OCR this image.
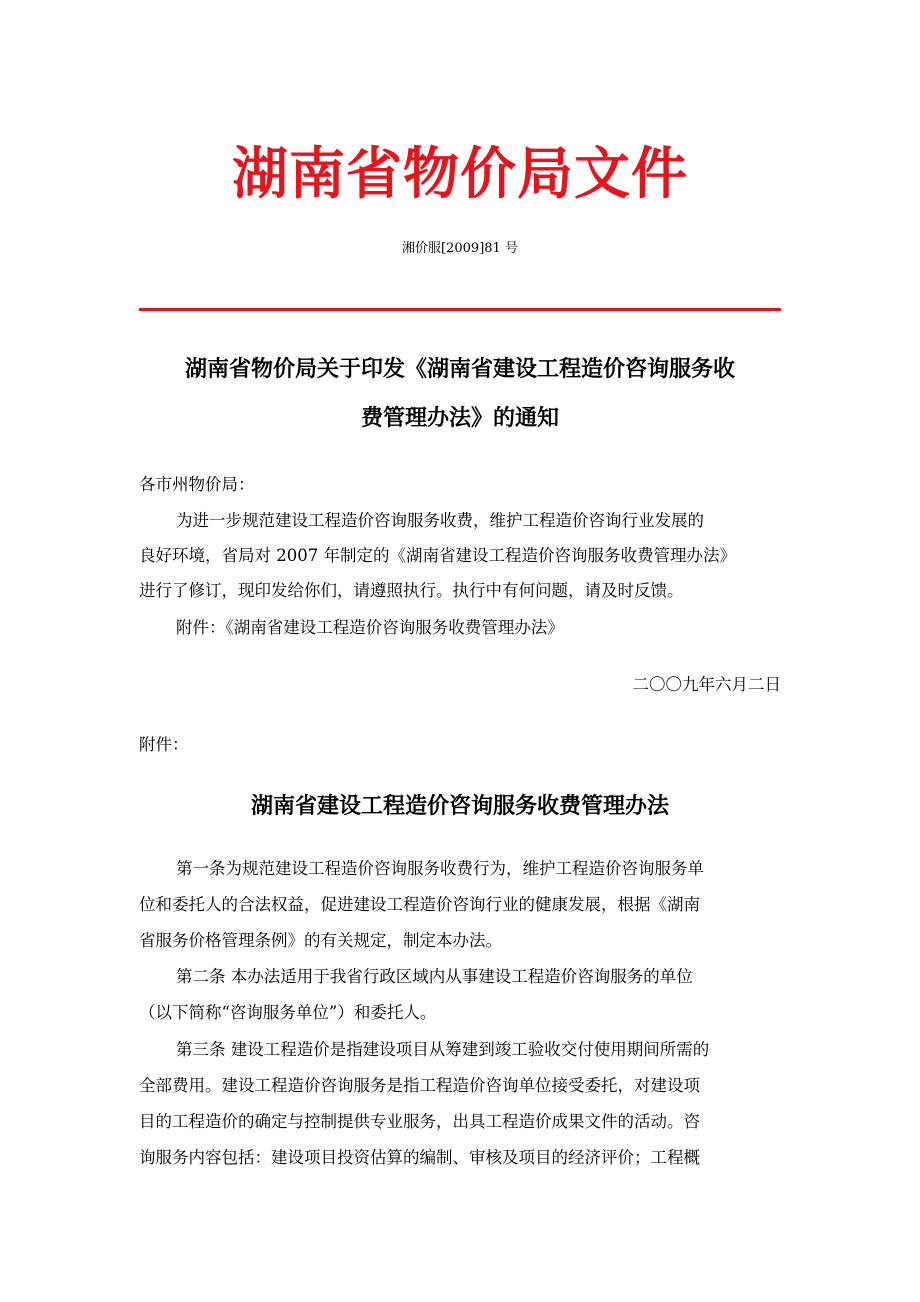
湖南省物价局文件
湘价服[2009]81 号
湖南省物价局关于印发《湖南省建设工程造价咨询服务收
费管理办法》的通知
各市州物价局：
为进一步规范建设工程造价咨询服务收费，维护工程造价咨询行业发展的
良好环境，省局对 2007 年制定的《湖南省建设工程造价咨询服务收费管理办法》
进行了修订，现印发给你们，请遵照执行。执行中有何问题，请及时反馈。
附件：《湖南省建设工程造价咨询服务收费管理办法》
二〇〇九年六月二日
附件：
湖南省建设工程造价咨询服务收费管理办法
第一条为规范建设工程造价咨询服务收费行为，维护工程造价咨询服务单
位和委托人的合法权益，促进建设工程造价咨询行业的健康发展，根据《湖南
省服务价格管理条例》的有关规定，制定本办法。
第二条 本办法适用于我省行政区域内从事建设工程造价咨询服务的单位
（以下简称“咨询服务单位”）和委托人。
第三条 建设工程造价是指建设项目从筹建到竣工验收交付使用期间所需的
全部费用。建设工程造价咨询服务是指工程造价咨询单位接受委托，对建设项
目的工程造价的确定与控制提供专业服务，出具工程造价成果文件的活动。咨
询服务内容包括：建设项目投资估算的编制、审核及项目的经济评价；工程概
